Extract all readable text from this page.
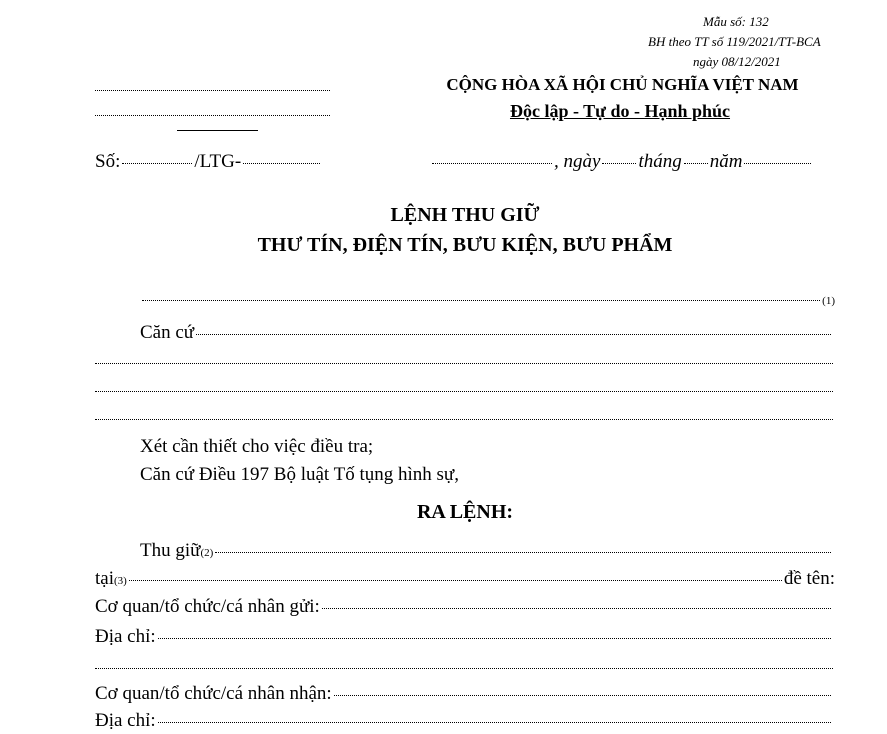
Mẫu số: 132
BH theo TT số 119/2021/TT-BCA
ngày 08/12/2021
CỘNG HÒA XÃ HỘI CHỦ NGHĨA VIỆT NAM
Độc lập - Tự do - Hạnh phúc
Số:	/LTG-	, ngày tháng năm
LỆNH THU GIỮ
THƯ TÍN, ĐIỆN TÍN, BƯU KIỆN, BƯU PHẨM
(1)
Căn cứ
Xét cần thiết cho việc điều tra;
Căn cứ Điều 197 Bộ luật Tố tụng hình sự,
RA LỆNH:
Thu giữ (2)
tại (3)	đề tên:
Cơ quan/tổ chức/cá nhân gửi:
Địa chỉ:
Cơ quan/tổ chức/cá nhân nhận:
Địa chỉ:
